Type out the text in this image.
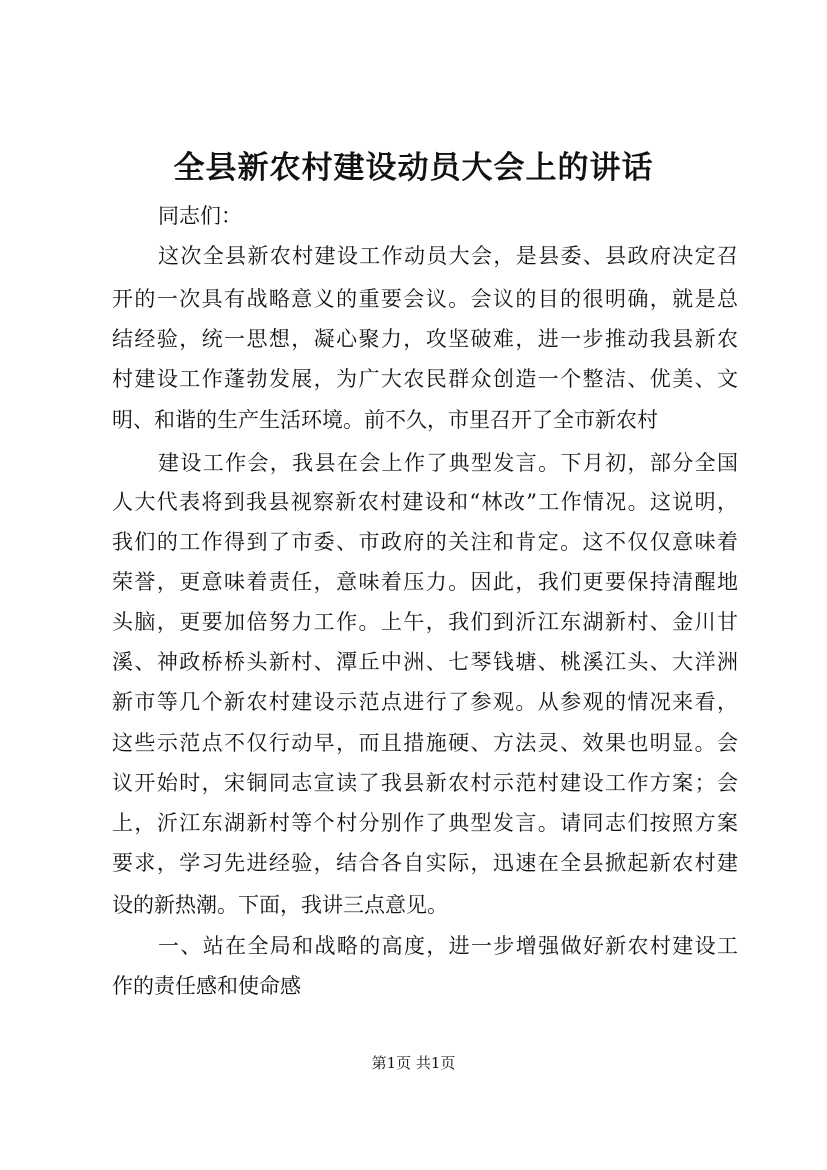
全县新农村建设动员大会上的讲话
同志们：
这次全县新农村建设工作动员大会，是县委、县政府决定召
开的一次具有战略意义的重要会议。会议的目的很明确，就是总
结经验，统一思想，凝心聚力，攻坚破难，进一步推动我县新农
村建设工作蓬勃发展，为广大农民群众创造一个整洁、优美、文
明、和谐的生产生活环境。前不久，市里召开了全市新农村
建设工作会，我县在会上作了典型发言。下月初，部分全国
人大代表将到我县视察新农村建设和“林改”工作情况。这说明，
我们的工作得到了市委、市政府的关注和肯定。这不仅仅意味着
荣誉，更意味着责任，意味着压力。因此，我们更要保持清醒地
头脑，更要加倍努力工作。上午，我们到沂江东湖新村、金川甘
溪、神政桥桥头新村、潭丘中洲、七琴钱塘、桃溪江头、大洋洲
新市等几个新农村建设示范点进行了参观。从参观的情况来看，
这些示范点不仅行动早，而且措施硬、方法灵、效果也明显。会
议开始时，宋铜同志宣读了我县新农村示范村建设工作方案；会
上，沂江东湖新村等个村分别作了典型发言。请同志们按照方案
要求，学习先进经验，结合各自实际，迅速在全县掀起新农村建
设的新热潮。下面，我讲三点意见。
一、站在全局和战略的高度，进一步增强做好新农村建设工
作的责任感和使命感
第1页 共1页
